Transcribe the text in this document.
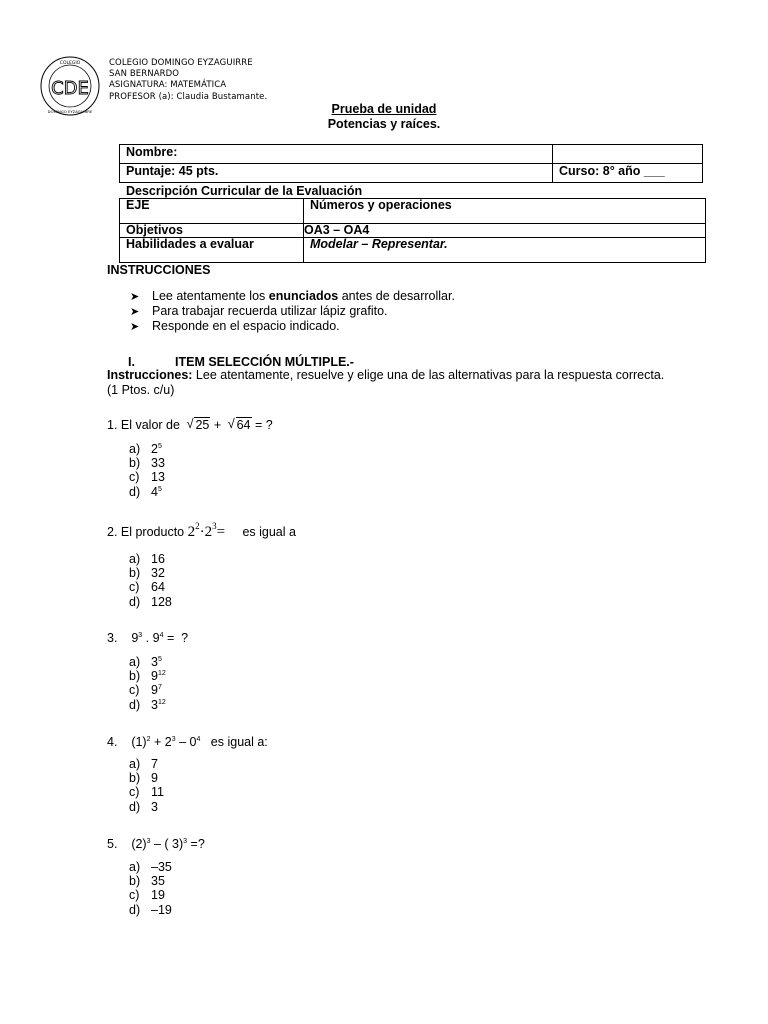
COLEGIO
CDE
DOMINGO EYZAGUIRRE
COLEGIO DOMINGO EYZAGUIRRE
SAN BERNARDO
ASIGNATURA: MATEMÁTICA
PROFESOR (a): Claudia Bustamante.
Prueba de unidad
Potencias y raíces.
Nombre:	
Puntaje: 45 pts.	Curso: 8° año ___
Descripción Curricular de la Evaluación
EJE	Números y operaciones
Objetivos	OA3 – OA4
Habilidades a evaluar	Modelar – Representar.
INSTRUCCIONES
➤ Lee atentamente los enunciados antes de desarrollar.
➤ Para trabajar recuerda utilizar lápiz grafito.
➤ Responde en el espacio indicado.
I.	ITEM SELECCIÓN MÚLTIPLE.-
Instrucciones: Lee atentamente, resuelve y elige una de las alternativas para la respuesta correcta. (1 Ptos. c/u)
1. El valor de √ 25 + √ 64 = ?
a) $2^5$
b) 33
c) 13
d) $4^5$
2. El producto $2^2\cdot 2^3=$ es igual a
a) 16
b) 32
c) 64
d) 128
3.    $9^3$ . $9^4$ =  ?
a) $3^5$
b) $9^{12}$
c) $9^7$
d) $3^{12}$
4.    $(1)^2 + 2^3 - 0^4$   es igual a:
a) 7
b) 9
c) 11
d) 3
5.    $(2)^3$ – ( 3)$^3$ =?
a) –35
b) 35
c) 19
d) –19
